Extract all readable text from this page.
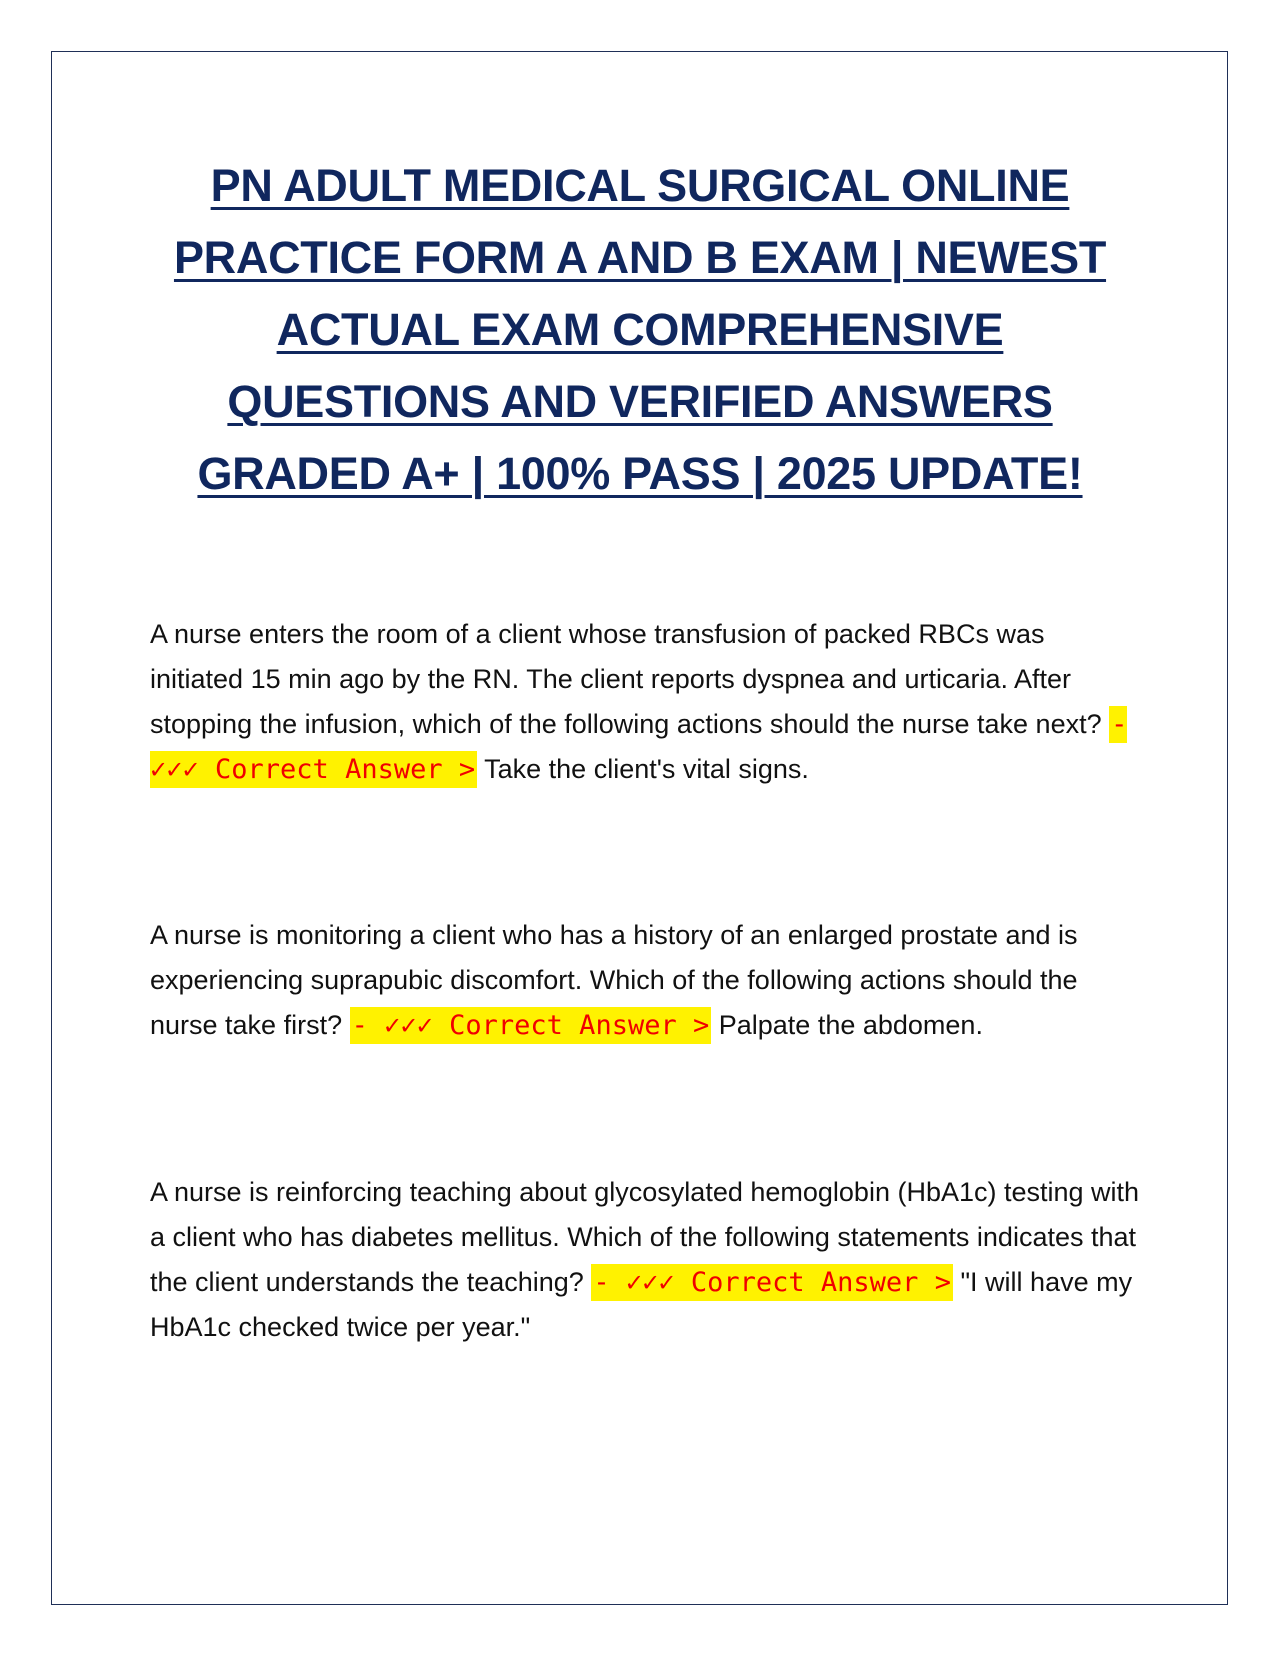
PN ADULT MEDICAL SURGICAL ONLINE
PRACTICE FORM A AND B EXAM | NEWEST
ACTUAL EXAM COMPREHENSIVE
QUESTIONS AND VERIFIED ANSWERS
GRADED A+ | 100% PASS | 2025 UPDATE!

A nurse enters the room of a client whose transfusion of packed RBCs was initiated 15 min ago by the RN. The client reports dyspnea and urticaria. After stopping the infusion, which of the following actions should the nurse take next? - ✓✓✓ Correct Answer > Take the client's vital signs.

A nurse is monitoring a client who has a history of an enlarged prostate and is experiencing suprapubic discomfort. Which of the following actions should the nurse take first? - ✓✓✓ Correct Answer > Palpate the abdomen.

A nurse is reinforcing teaching about glycosylated hemoglobin (HbA1c) testing with a client who has diabetes mellitus. Which of the following statements indicates that the client understands the teaching? - ✓✓✓ Correct Answer > "I will have my HbA1c checked twice per year."
